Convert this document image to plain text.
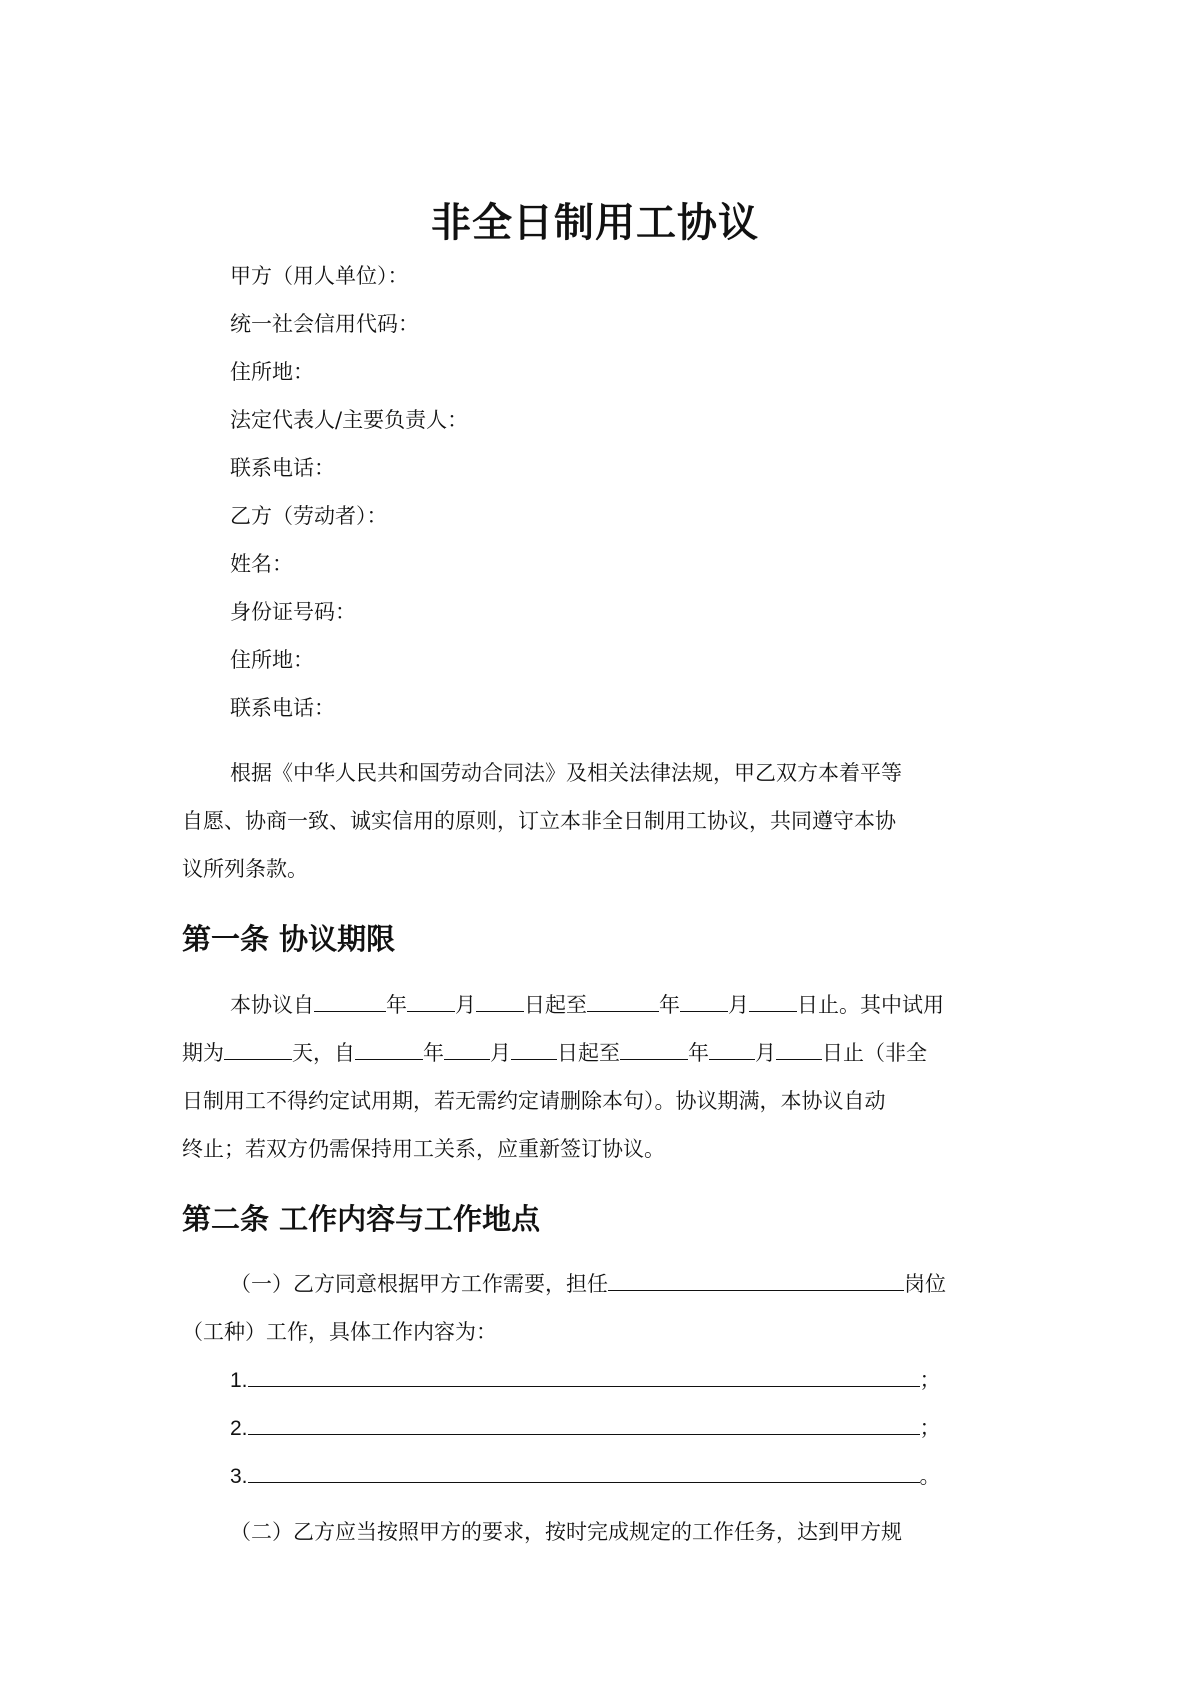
非全日制用工协议
甲方（用人单位）：
统一社会信用代码：
住所地：
法定代表人/主要负责人：
联系电话：
乙方（劳动者）：
姓名：
身份证号码：
住所地：
联系电话：
根据《中华人民共和国劳动合同法》及相关法律法规，甲乙双方本着平等
自愿、协商一致、诚实信用的原则，订立本非全日制用工协议，共同遵守本协
议所列条款。
第一条 协议期限
本协议自	年 月 日起至	年 月 日止。其中试用
期为	天，自	年 月 日起至	年 月 日止（非全
日制用工不得约定试用期，若无需约定请删除本句）。协议期满，本协议自动
终止；若双方仍需保持用工关系，应重新签订协议。
第二条 工作内容与工作地点
（一）乙方同意根据甲方工作需要，担任	岗位
（工种）工作，具体工作内容为：
1.	；
2.	；
3.	。
（二）乙方应当按照甲方的要求，按时完成规定的工作任务，达到甲方规
